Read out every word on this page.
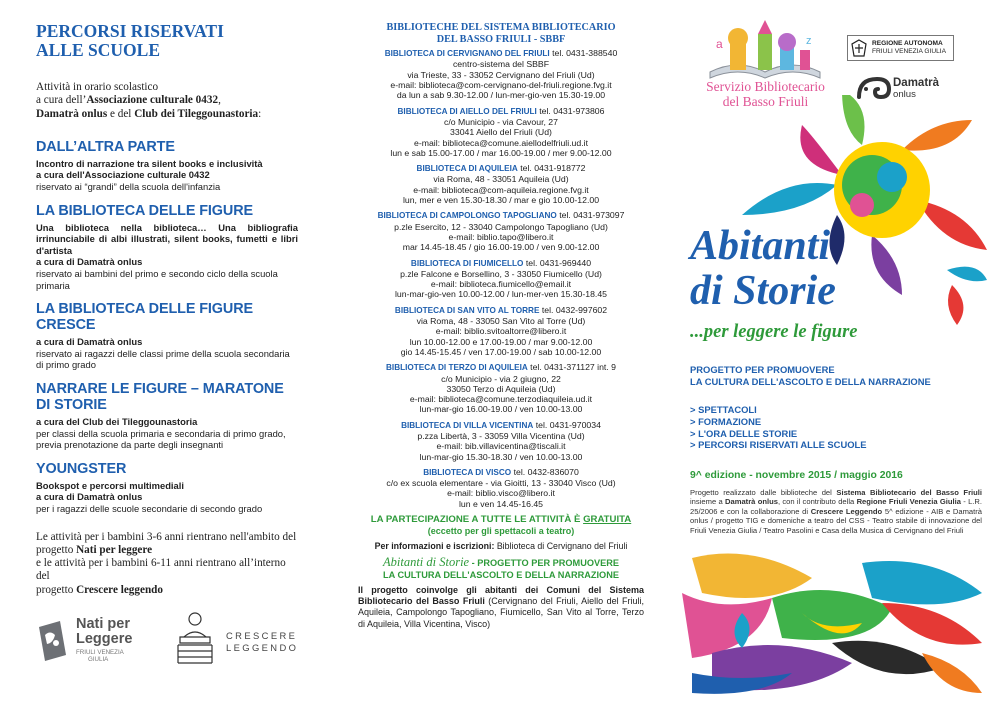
PERCORSI RISERVATI
ALLE SCUOLE

Attività in orario scolastico

a cura dell’Associazione culturale 0432,

Damatrà onlus e del Club dei Tileggounastoria:

DALL’ALTRA PARTE

Incontro di narrazione tra silent books e inclusività

a cura dell'Associazione culturale 0432

riservato ai “grandi” della scuola dell'infanzia

LA BIBLIOTECA DELLE FIGURE

Una biblioteca nella biblioteca… Una bibliografia irrinunciabile di albi illustrati, silent books, fumetti e libri d'artista

a cura di Damatrà onlus

riservato ai bambini del primo e secondo ciclo della scuola primaria

LA BIBLIOTECA DELLE FIGURE CRESCE

a cura di Damatrà onlus

riservato ai ragazzi delle classi prime della scuola secondaria di primo grado

NARRARE LE FIGURE – MARATONE DI STORIE

a cura del Club dei Tileggounastoria

per classi della scuola primaria e secondaria di primo grado, previa prenotazione da parte degli insegnanti

YOUNGSTER

Bookspot e percorsi multimediali

a cura di Damatrà onlus

per i ragazzi delle scuole secondarie di secondo grado

Le attività per i bambini 3-6 anni rientrano nell'ambito del

progetto Nati per leggere

e le attività per i bambini 6-11 anni rientrano all’interno del

progetto Crescere leggendo

Nati per
Leggere
FRIULI VENEZIA
GIULIA
CRESCERE
LEGGENDO
BIBLIOTECHE DEL SISTEMA BIBLIOTECARIO
DEL BASSO FRIULI - SBBF
BIBLIOTECA DI CERVIGNANO DEL FRIULI tel. 0431-388540
centro-sistema del SBBF
via Trieste, 33 - 33052 Cervignano del Friuli (Ud)
e-mail: biblioteca@com-cervignano-del-friuli.regione.fvg.it
da lun a sab 9.30-12.00 / lun-mer-gio-ven 15.30-19.00
BIBLIOTECA DI AIELLO DEL FRIULI tel. 0431-973806
c/o Municipio - via Cavour, 27
33041 Aiello del Friuli (Ud)
e-mail: biblioteca@comune.aiellodelfriuli.ud.it
lun e sab 15.00-17.00 / mar 16.00-19.00 / mer 9.00-12.00
BIBLIOTECA DI AQUILEIA tel. 0431-918772
via Roma, 48 - 33051 Aquileia (Ud)
e-mail: biblioteca@com-aquileia.regione.fvg.it
lun, mer e ven 15.30-18.30 / mar e gio 10.00-12.00
BIBLIOTECA DI CAMPOLONGO TAPOGLIANO tel. 0431-973097
p.zle Esercito, 12 - 33040 Campolongo Tapogliano (Ud)
e-mail: biblio.tapo@libero.it
mar 14.45-18.45 / gio 16.00-19.00 / ven 9.00-12.00
BIBLIOTECA DI FIUMICELLO tel. 0431-969440
p.zle Falcone e Borsellino, 3 - 33050 Fiumicello (Ud)
e-mail: biblioteca.fiumicello@email.it
lun-mar-gio-ven 10.00-12.00 / lun-mer-ven 15.30-18.45
BIBLIOTECA DI SAN VITO AL TORRE tel. 0432-997602
via Roma, 48 - 33050 San Vito al Torre (Ud)
e-mail: biblio.svitoaltorre@libero.it
lun 10.00-12.00 e 17.00-19.00 / mar 9.00-12.00
gio 14.45-15.45 / ven 17.00-19.00 / sab 10.00-12.00
BIBLIOTECA DI TERZO DI AQUILEIA tel. 0431-371127 int. 9
c/o Municipio - via 2 giugno, 22
33050 Terzo di Aquileia (Ud)
e-mail: biblioteca@comune.terzodiaquileia.ud.it
lun-mar-gio 16.00-19.00 / ven 10.00-13.00
BIBLIOTECA DI VILLA VICENTINA tel. 0431-970034
p.zza Libertà, 3 - 33059 Villa Vicentina (Ud)
e-mail: bib.villavicentina@tiscali.it
lun-mar-gio 15.30-18.30 / ven 10.00-13.00
BIBLIOTECA DI VISCO tel. 0432-836070
c/o ex scuola elementare - via Gioitti, 13 - 33040 Visco (Ud)
e-mail: biblio.visco@libero.it
lun e ven 14.45-16.45
LA PARTECIPAZIONE A TUTTE LE ATTIVITÀ È GRATUITA
(eccetto per gli spettacoli a teatro)
Per informazioni e iscrizioni: Biblioteca di Cervignano del Friuli
Abitanti di Storie - PROGETTO PER PROMUOVERE
LA CULTURA DELL'ASCOLTO E DELLA NARRAZIONE

Il progetto coinvolge gli abitanti dei Comuni del Sistema Bibliotecario del Basso Friuli (Cervignano del Friuli, Aiello del Friuli, Aquileia, Campolongo Tapogliano, Fiumicello, San Vito al Torre, Terzo di Aquileia, Villa Vicentina, Visco)

a	z
Servizio Bibliotecario
del Basso Friuli
REGIONE AUTONOMA
FRIULI VENEZIA GIULIA
Damatrà
onlus
Abitanti
di Storie
...per leggere le figure
PROGETTO PER PROMUOVERE
LA CULTURA DELL'ASCOLTO E DELLA NARRAZIONE
> SPETTACOLI
> FORMAZIONE
> L'ORA DELLE STORIE
> PERCORSI RISERVATI ALLE SCUOLE
9^ edizione - novembre 2015 / maggio 2016
Progetto realizzato dalle biblioteche del Sistema Bibliotecario del Basso Friuli insieme a Damatrà onlus, con il contributo della Regione Friuli Venezia Giulia - L.R. 25/2006 e con la collaborazione di Crescere Leggendo 5^ edizione - AIB e Damatrà onlus / progetto TIG e domeniche a teatro del CSS - Teatro stabile di innovazione del Friuli Venezia Giulia / Teatro Pasolini e Casa della Musica di Cervignano del Friuli
